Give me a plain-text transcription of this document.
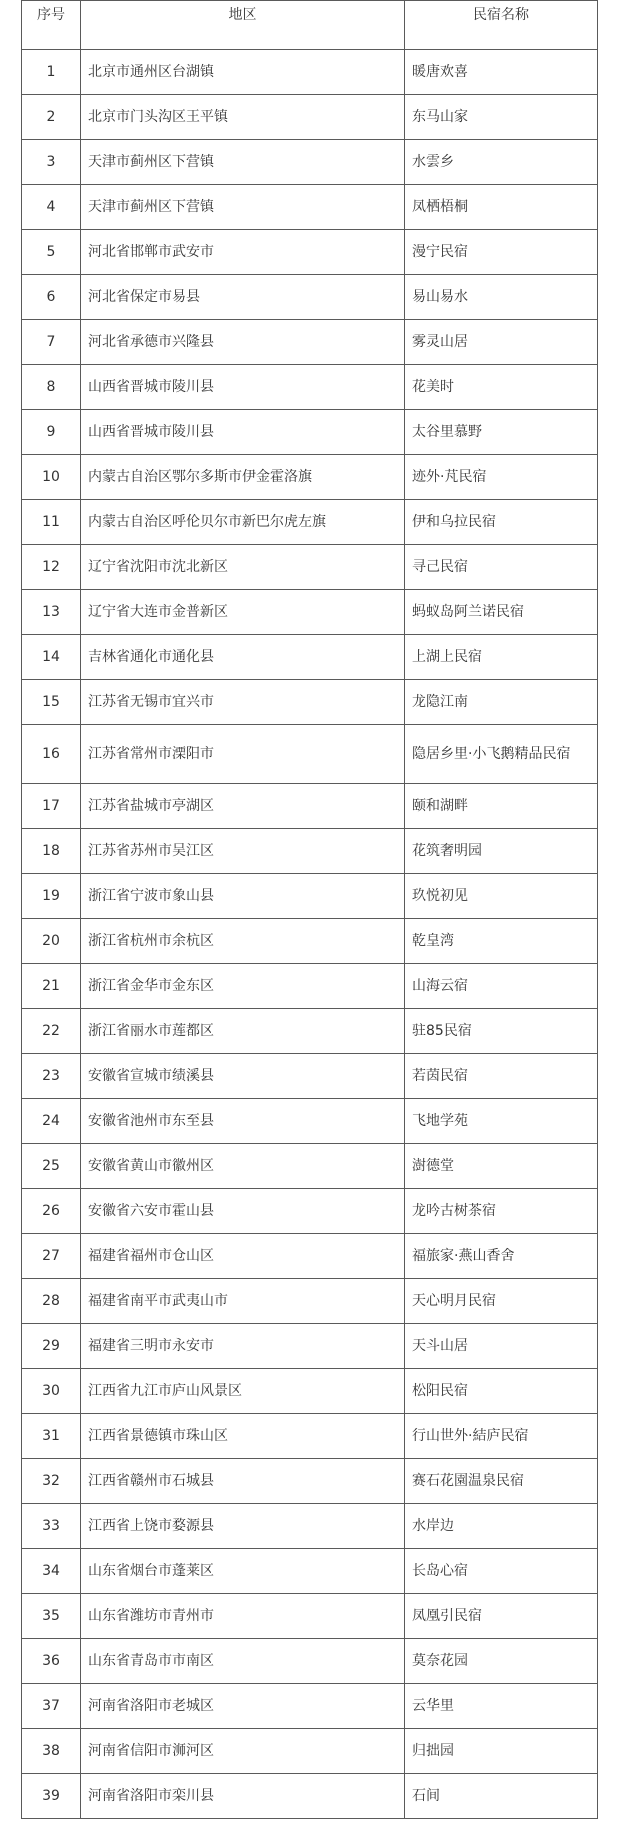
序号	地区	民宿名称
1	北京市通州区台湖镇	暖唐欢喜
2	北京市门头沟区王平镇	东马山家
3	天津市蓟州区下营镇	水雲乡
4	天津市蓟州区下营镇	凤栖梧桐
5	河北省邯郸市武安市	漫宁民宿
6	河北省保定市易县	易山易水
7	河北省承德市兴隆县	雾灵山居
8	山西省晋城市陵川县	花美时
9	山西省晋城市陵川县	太谷里慕野
10	内蒙古自治区鄂尔多斯市伊金霍洛旗	迹外·芃民宿
11	内蒙古自治区呼伦贝尔市新巴尔虎左旗	伊和乌拉民宿
12	辽宁省沈阳市沈北新区	寻己民宿
13	辽宁省大连市金普新区	蚂蚁岛阿兰诺民宿
14	吉林省通化市通化县	上湖上民宿
15	江苏省无锡市宜兴市	龙隐江南
16	江苏省常州市溧阳市	隐居乡里·小飞鹅精品民宿
17	江苏省盐城市亭湖区	颐和湖畔
18	江苏省苏州市吴江区	花筑奢明园
19	浙江省宁波市象山县	玖悦初见
20	浙江省杭州市余杭区	乾皇湾
21	浙江省金华市金东区	山海云宿
22	浙江省丽水市莲都区	驻85民宿
23	安徽省宣城市绩溪县	若茵民宿
24	安徽省池州市东至县	飞地学苑
25	安徽省黄山市徽州区	澍德堂
26	安徽省六安市霍山县	龙吟古树茶宿
27	福建省福州市仓山区	福旅家·燕山香舍
28	福建省南平市武夷山市	天心明月民宿
29	福建省三明市永安市	天斗山居
30	江西省九江市庐山风景区	松阳民宿
31	江西省景德镇市珠山区	行山世外·結庐民宿
32	江西省赣州市石城县	赛石花園温泉民宿
33	江西省上饶市婺源县	水岸边
34	山东省烟台市蓬莱区	长岛心宿
35	山东省潍坊市青州市	凤凰引民宿
36	山东省青岛市市南区	莫奈花园
37	河南省洛阳市老城区	云华里
38	河南省信阳市浉河区	归拙园
39	河南省洛阳市栾川县	石间
